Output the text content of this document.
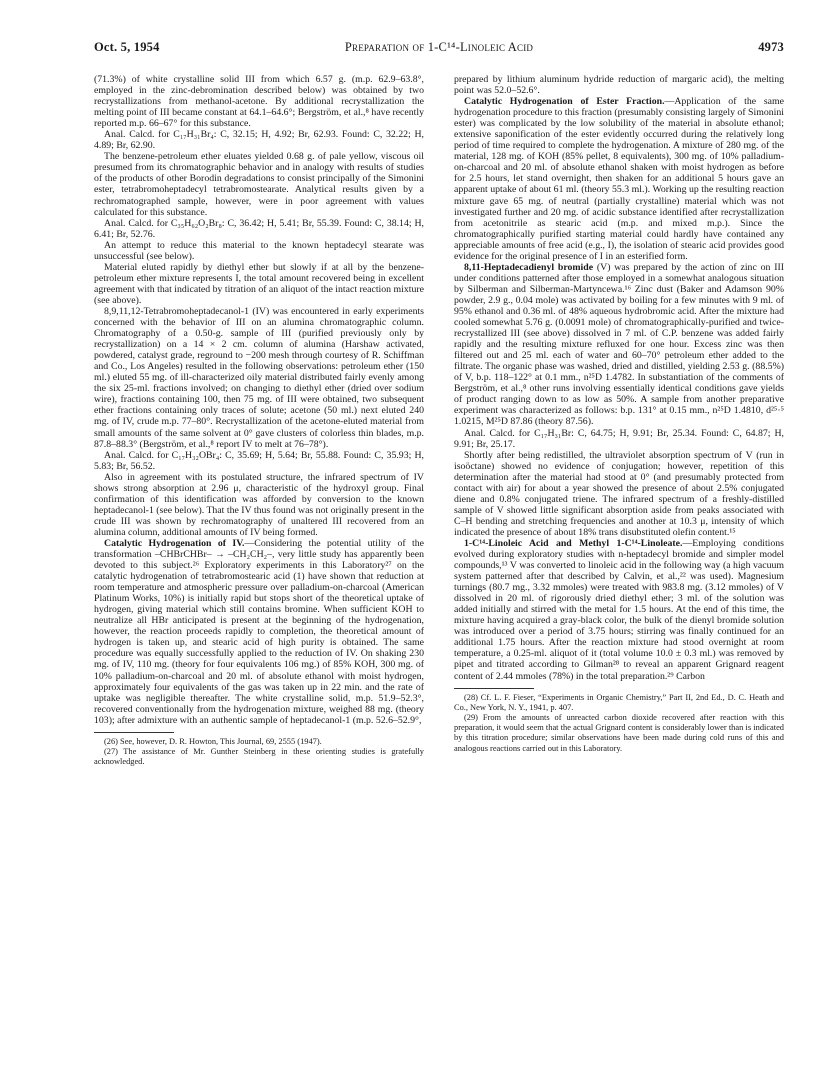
Oct. 5, 1954	Preparation of 1-C¹⁴-Linoleic Acid	4973

(71.3%) of white crystalline solid III from which 6.57 g. (m.p. 62.9–63.8°, employed in the zinc-debromination described below) was obtained by two recrystallizations from methanol-acetone. By additional recrystallization the melting point of III became constant at 64.1–64.6°; Bergström, et al.,⁸ have recently reported m.p. 66–67° for this substance.

Anal. Calcd. for C₁₇H₃₁Br₄: C, 32.15; H, 4.92; Br, 62.93. Found: C, 32.22; H, 4.89; Br, 62.90.

The benzene-petroleum ether eluates yielded 0.68 g. of pale yellow, viscous oil presumed from its chromatographic behavior and in analogy with results of studies of the products of other Borodin degradations to consist principally of the Simonini ester, tetrabromoheptadecyl tetrabromostearate. Analytical results given by a rechromatographed sample, however, were in poor agreement with values calculated for this substance.

Anal. Calcd. for C₃₅H₆₂O₂Br₈: C, 36.42; H, 5.41; Br, 55.39. Found: C, 38.14; H, 6.41; Br, 52.76.

An attempt to reduce this material to the known heptadecyl stearate was unsuccessful (see below).

Material eluted rapidly by diethyl ether but slowly if at all by the benzene-petroleum ether mixture represents I, the total amount recovered being in excellent agreement with that indicated by titration of an aliquot of the intact reaction mixture (see above).

8,9,11,12-Tetrabromoheptadecanol-1 (IV) was encountered in early experiments concerned with the behavior of III on an alumina chromatographic column. Chromatography of a 0.50-g. sample of III (purified previously only by recrystallization) on a 14 × 2 cm. column of alumina (Harshaw activated, powdered, catalyst grade, reground to −200 mesh through courtesy of R. Schiffman and Co., Los Angeles) resulted in the following observations: petroleum ether (150 ml.) eluted 55 mg. of ill-characterized oily material distributed fairly evenly among the six 25-ml. fractions involved; on changing to diethyl ether (dried over sodium wire), fractions containing 100, then 75 mg. of III were obtained, two subsequent ether fractions containing only traces of solute; acetone (50 ml.) next eluted 240 mg. of IV, crude m.p. 77–80°. Recrystallization of the acetone-eluted material from small amounts of the same solvent at 0° gave clusters of colorless thin blades, m.p. 87.8–88.3° (Bergström, et al.,⁸ report IV to melt at 76–78°).

Anal. Calcd. for C₁₇H₃₂OBr₄: C, 35.69; H, 5.64; Br, 55.88. Found: C, 35.93; H, 5.83; Br, 56.52.

Also in agreement with its postulated structure, the infrared spectrum of IV shows strong absorption at 2.96 μ, characteristic of the hydroxyl group. Final confirmation of this identification was afforded by conversion to the known heptadecanol-1 (see below). That the IV thus found was not originally present in the crude III was shown by rechromatography of unaltered III recovered from an alumina column, additional amounts of IV being formed.

Catalytic Hydrogenation of IV.—Considering the potential utility of the transformation –CHBrCHBr– → –CH₂CH₂–, very little study has apparently been devoted to this subject.²⁶ Exploratory experiments in this Laboratory²⁷ on the catalytic hydrogenation of tetrabromostearic acid (1) have shown that reduction at room temperature and atmospheric pressure over palladium-on-charcoal (American Platinum Works, 10%) is initially rapid but stops short of the theoretical uptake of hydrogen, giving material which still contains bromine. When sufficient KOH to neutralize all HBr anticipated is present at the beginning of the hydrogenation, however, the reaction proceeds rapidly to completion, the theoretical amount of hydrogen is taken up, and stearic acid of high purity is obtained. The same procedure was equally successfully applied to the reduction of IV. On shaking 230 mg. of IV, 110 mg. (theory for four equivalents 106 mg.) of 85% KOH, 300 mg. of 10% palladium-on-charcoal and 20 ml. of absolute ethanol with moist hydrogen, approximately four equivalents of the gas was taken up in 22 min. and the rate of uptake was negligible thereafter. The white crystalline solid, m.p. 51.9–52.3°, recovered conventionally from the hydrogenation mixture, weighed 88 mg. (theory 103); after admixture with an authentic sample of heptadecanol-1 (m.p. 52.6–52.9°,

(26) See, however, D. R. Howton, This Journal, 69, 2555 (1947).

(27) The assistance of Mr. Gunther Steinberg in these orienting studies is gratefully acknowledged.

prepared by lithium aluminum hydride reduction of margaric acid), the melting point was 52.0–52.6°.

Catalytic Hydrogenation of Ester Fraction.—Application of the same hydrogenation procedure to this fraction (presumably consisting largely of Simonini ester) was complicated by the low solubility of the material in absolute ethanol; extensive saponification of the ester evidently occurred during the relatively long period of time required to complete the hydrogenation. A mixture of 280 mg. of the material, 128 mg. of KOH (85% pellet, 8 equivalents), 300 mg. of 10% palladium-on-charcoal and 20 ml. of absolute ethanol shaken with moist hydrogen as before for 2.5 hours, let stand overnight, then shaken for an additional 5 hours gave an apparent uptake of about 61 ml. (theory 55.3 ml.). Working up the resulting reaction mixture gave 65 mg. of neutral (partially crystalline) material which was not investigated further and 20 mg. of acidic substance identified after recrystallization from acetonitrile as stearic acid (m.p. and mixed m.p.). Since the chromatographically purified starting material could hardly have contained any appreciable amounts of free acid (e.g., I), the isolation of stearic acid provides good evidence for the original presence of I in an esterified form.

8,11-Heptadecadienyl bromide (V) was prepared by the action of zinc on III under conditions patterned after those employed in a somewhat analogous situation by Silberman and Silberman-Martyncewa.¹⁶ Zinc dust (Baker and Adamson 90% powder, 2.9 g., 0.04 mole) was activated by boiling for a few minutes with 9 ml. of 95% ethanol and 0.36 ml. of 48% aqueous hydrobromic acid. After the mixture had cooled somewhat 5.76 g. (0.0091 mole) of chromatographically-purified and twice-recrystallized III (see above) dissolved in 7 ml. of C.P. benzene was added fairly rapidly and the resulting mixture refluxed for one hour. Excess zinc was then filtered out and 25 ml. each of water and 60–70° petroleum ether added to the filtrate. The organic phase was washed, dried and distilled, yielding 2.53 g. (88.5%) of V, b.p. 118–122° at 0.1 mm., n²⁵D 1.4782. In substantiation of the comments of Bergström, et al.,⁸ other runs involving essentially identical conditions gave yields of product ranging down to as low as 50%. A sample from another preparative experiment was characterized as follows: b.p. 131° at 0.15 mm., n²⁵D 1.4810, d²⁵·⁵ 1.0215, M²⁵D 87.86 (theory 87.56).

Anal. Calcd. for C₁₇H₃₁Br: C, 64.75; H, 9.91; Br, 25.34. Found: C, 64.87; H, 9.91; Br, 25.17.

Shortly after being redistilled, the ultraviolet absorption spectrum of V (run in isoöctane) showed no evidence of conjugation; however, repetition of this determination after the material had stood at 0° (and presumably protected from contact with air) for about a year showed the presence of about 2.5% conjugated diene and 0.8% conjugated triene. The infrared spectrum of a freshly-distilled sample of V showed little significant absorption aside from peaks associated with C–H bending and stretching frequencies and another at 10.3 μ, intensity of which indicated the presence of about 18% trans disubstituted olefin content.¹⁵

1-C¹⁴-Linoleic Acid and Methyl 1-C¹⁴-Linoleate.—Employing conditions evolved during exploratory studies with n-heptadecyl bromide and simpler model compounds,¹³ V was converted to linoleic acid in the following way (a high vacuum system patterned after that described by Calvin, et al.,²² was used). Magnesium turnings (80.7 mg., 3.32 mmoles) were treated with 983.8 mg. (3.12 mmoles) of V dissolved in 20 ml. of rigorously dried diethyl ether; 3 ml. of the solution was added initially and stirred with the metal for 1.5 hours. At the end of this time, the mixture having acquired a gray-black color, the bulk of the dienyl bromide solution was introduced over a period of 3.75 hours; stirring was finally continued for an additional 1.75 hours. After the reaction mixture had stood overnight at room temperature, a 0.25-ml. aliquot of it (total volume 10.0 ± 0.3 ml.) was removed by pipet and titrated according to Gilman²⁸ to reveal an apparent Grignard reagent content of 2.44 mmoles (78%) in the total preparation.²⁹ Carbon

(28) Cf. L. F. Fieser, “Experiments in Organic Chemistry,” Part II, 2nd Ed., D. C. Heath and Co., New York, N. Y., 1941, p. 407.

(29) From the amounts of unreacted carbon dioxide recovered after reaction with this preparation, it would seem that the actual Grignard content is considerably lower than is indicated by this titration procedure; similar observations have been made during cold runs of this and analogous reactions carried out in this Laboratory.
